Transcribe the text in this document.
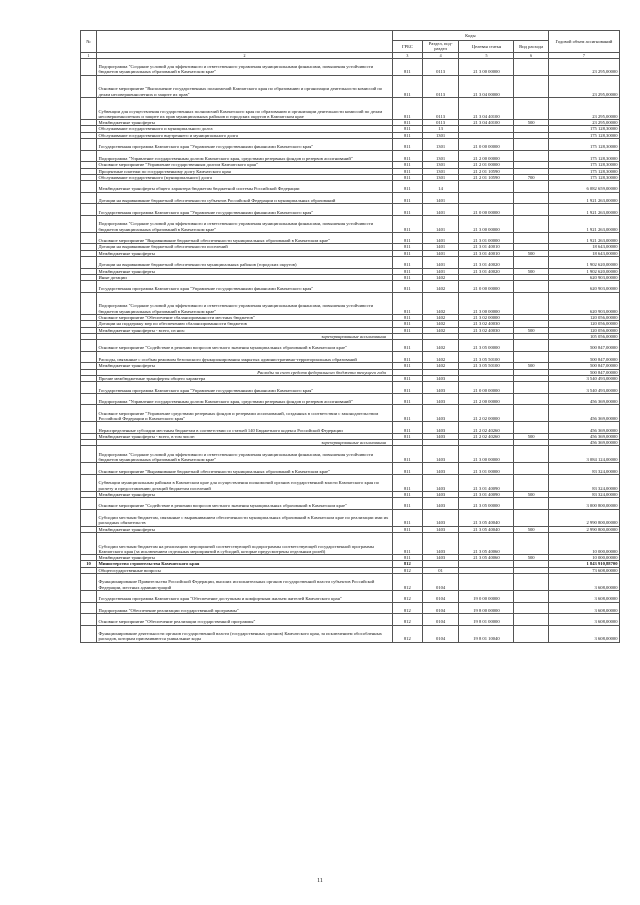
№		Коды				Годовой объем ассигнований
		ГРБС	Раздел, под-раздел	Целевая статья	Вид расхода	
1	2	3	4	5	6	7
	Подпрограмма "Создание условий для эффективного и ответственного управления муниципальными финансами, повышения устойчивости бюджетов муниципальных образований в Камчатском крае"	811	0113	21 3 00 00000		23 295,00000
	Основное мероприятие "Выполнение государственных полномочий Камчатского края по образованию и организации деятельности комиссий по делам несовершеннолетних и защите их прав"	811	0113	21 3 04 00000		23 295,00000
	Субвенции для осуществления государственных полномочий Камчатского края по образованию и организации деятельности комиссий по делам несовершеннолетних и защите их прав муниципальных районов и городских округов в Камчатском крае	811	0113	21 3 04 40100		23 295,00000
	Межбюджетные трансферты	811	0113	21 3 04 40100	500	23 295,00000
	Обслуживание государственного и муниципального долга	811	13			175 128,30000
	Обслуживание государственного внутреннего и муниципального долга	811	1301			175 128,30000
	Государственная программа Камчатского края "Управление государственными финансами Камчатского края"	811	1301	21 0 00 00000		175 128,30000
	Подпрограмма "Управление государственным долгом Камчатского края, средствами резервных фондов и резервов ассигнований"	811	1301	21 2 00 00000		175 128,30000
	Основное мероприятие "Управление государственным долгом Камчатского края"	811	1301	21 2 01 00000		175 128,30000
	Процентные платежи по государственному долгу Камчатского края	811	1301	21 2 01 10590		175 128,30000
	Обслуживание государственного (муниципального) долга	811	1301	21 2 01 10590	700	175 128,30000
	Межбюджетные трансферты общего характера бюджетам бюджетной системы Российской Федерации	811	14			6 082 659,00000
	Дотации на выравнивание бюджетной обеспеченности субъектов Российской Федерации и муниципальных образований	811	1401			1 921 263,00000
	Государственная программа Камчатского края "Управление государственными финансами Камчатского края"	811	1401	21 0 00 00000		1 921 263,00000
	Подпрограмма "Создание условий для эффективного и ответственного управления муниципальными финансами, повышения устойчивости бюджетов муниципальных образований в Камчатском крае"	811	1401	21 3 00 00000		1 921 263,00000
	Основное мероприятие "Выравнивание бюджетной обеспеченности муниципальных образований в Камчатском крае"	811	1401	21 3 01 00000		1 921 263,00000
	Дотации на выравнивание бюджетной обеспеченности поселений	811	1401	21 3 01 40010		18 643,00000
	Межбюджетные трансферты	811	1401	21 3 01 40010	500	18 643,00000
	Дотации на выравнивание бюджетной обеспеченности муниципальных районов (городских округов)	811	1401	21 3 01 40020		1 902 620,00000
	Межбюджетные трансферты	811	1401	21 3 01 40020	500	1 902 620,00000
	Иные дотации	811	1402			620 903,00000
	Государственная программа Камчатского края "Управление государственными финансами Камчатского края"	811	1402	21 0 00 00000		620 903,00000
	Подпрограмма "Создание условий для эффективного и ответственного управления муниципальными финансами, повышения устойчивости бюджетов муниципальных образований в Камчатском крае"	811	1402	21 3 00 00000		620 903,00000
	Основное мероприятие "Обеспечение сбалансированности местных бюджетов"	811	1402	21 3 02 00000		120 056,00000
	Дотации на поддержку мер по обеспечению сбалансированности бюджетов	811	1402	21 3 02 40030		120 056,00000
	Межбюджетные трансферты - всего, из них:	811	1402	21 3 02 40030	500	120 056,00000
	зарезервированные ассигнования					105 056,00000
	Основное мероприятие "Содействие в решении вопросов местного значения муниципальных образований в Камчатском крае"	811	1402	21 3 05 00000		500 847,00000
	Расходы, связанные с особым режимом безопасного функционирования закрытых административно-территориальных образований	811	1402	21 3 05 50100		500 847,00000
	Межбюджетные трансферты	811	1402	21 3 05 50100	500	500 847,00000
	Расходы за счет средств федерального бюджета текущего года					500 847,00000
	Прочие межбюджетные трансферты общего характера	811	1403			3 540 493,00000
	Государственная программа Камчатского края "Управление государственными финансами Камчатского края"	811	1403	21 0 00 00000		3 540 493,00000
	Подпрограмма "Управление государственным долгом Камчатского края, средствами резервных фондов и резервов ассигнований"	811	1403	21 2 00 00000		456 369,00000
	Основное мероприятие "Управление средствами резервных фондов и резервами ассигнований, созданных в соответствии с законодательством Российской Федерации и Камчатского края"	811	1403	21 2 02 00000		456 369,00000
	Нераспределенные субсидии местным бюджетам в соответствии со статьей 140 Бюджетного кодекса Российской Федерации	811	1403	21 2 02 40260		456 369,00000
	Межбюджетные трансферты - всего, в том числе:	811	1403	21 2 02 40260	500	456 369,00000
	зарезервированные ассигнования					456 369,00000
	Подпрограмма "Создание условий для эффективного и ответственного управления муниципальными финансами, повышения устойчивости бюджетов муниципальных образований в Камчатском крае"	811	1403	21 3 00 00000		3 084 124,00000
	Основное мероприятие "Выравнивание бюджетной обеспеченности муниципальных образований в Камчатском крае"	811	1403	21 3 01 00000		83 324,00000
	Субвенции муниципальным районам в Камчатском крае для осуществления полномочий органов государственной власти Камчатского края по расчету и предоставлению дотаций бюджетам поселений	811	1403	21 3 01 40090		83 324,00000
	Межбюджетные трансферты	811	1403	21 3 01 40090	500	83 324,00000
	Основное мероприятие "Содействие в решении вопросов местного значения муниципальных образований в Камчатском крае"	811	1403	21 3 05 00000		3 000 800,00000
	Субсидии местным бюджетам, связанные с выравниванием обеспеченности муниципальных образований в Камчатском крае по реализации ими их расходных обязательств	811	1403	21 3 05 40040		2 990 800,00000
	Межбюджетные трансферты	811	1403	21 3 05 40040	500	2 990 800,00000
	Субсидии местным бюджетам на реализацию мероприятий соответствующей подпрограммы соответствующей государственной программы Камчатского края (за исключением отдельных мероприятий в субсидий, которые предусмотрены отдельным ролей)	811	1403	21 3 05 40060		10 000,00000
	Межбюджетные трансферты	811	1403	21 3 05 40060	500	10 000,00000
10	Министерство строительства Камчатского края	812				1 843 910,88700
	Общегосударственные вопросы	812	01			73 608,00000
	Функционирование Правительства Российской Федерации, высших исполнительных органов государственной власти субъектов Российской Федерации, местных администраций	812	0104			3 608,00000
	Государственная программа Камчатского края "Обеспечение доступным и комфортным жильем жителей Камчатского края"	812	0104	19 0 00 00000		3 608,00000
	Подпрограмма "Обеспечение реализации государственной программы"	812	0104	19 8 00 00000		3 608,00000
	Основное мероприятие "Обеспечение реализации государственной программы"	812	0104	19 8 01 00000		3 608,00000
	Функционирование деятельности органов государственной власти (государственных органов) Камчатского края, за исключением обособленных расходов, которым присваиваются уникальные коды	812	0104	19 8 01 10040		3 608,00000
11
